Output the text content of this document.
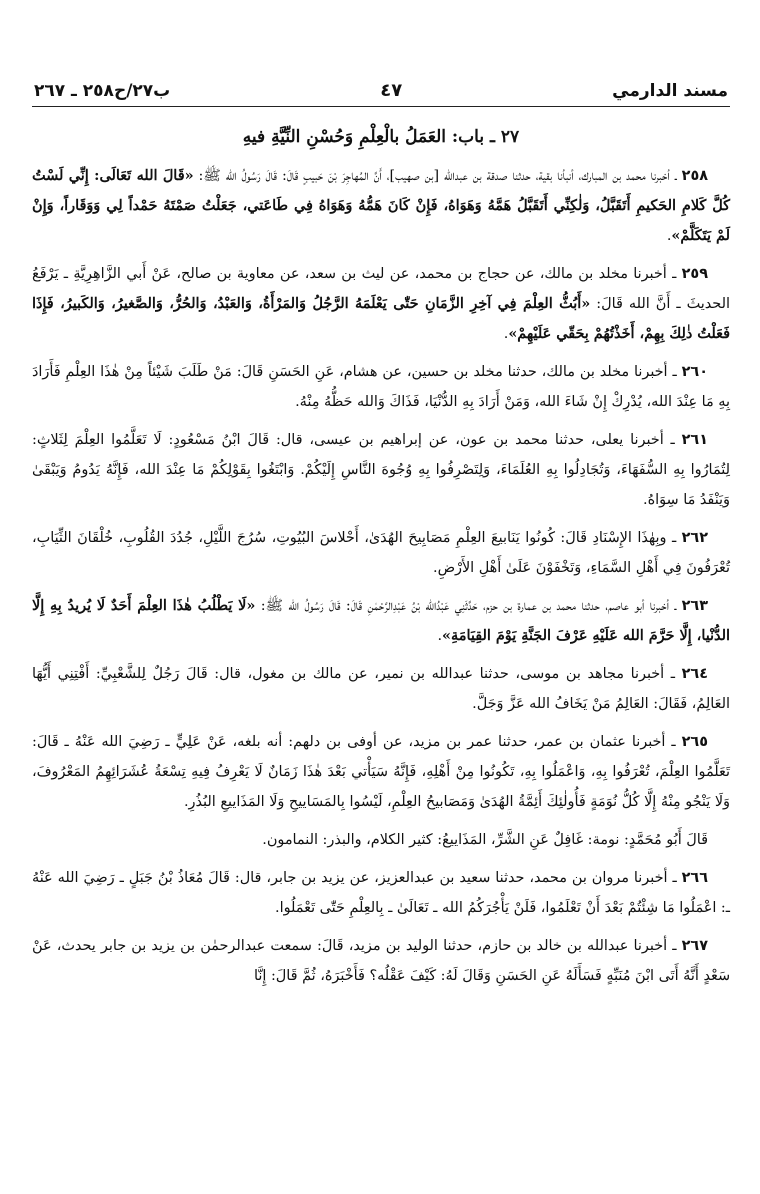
مسند الدارمي
٤٧
ب٢٧/ح٢٥٨ ـ ٢٦٧
٢٧ ـ باب: العَمَلُ بالْعِلْمِ وَحُسْنِ النِّيَّةِ فيهِ

٢٥٨ ـ أخبرنا محمد بن المبارك، أنبأنا بقية، حدثنا صدقة بن عبدالله [بن صهيب]، أَنَّ المُهاجِرَ بْنَ حَبيبٍ قَالَ: قَالَ رَسُولُ الله ﷺ: «قَالَ الله تَعَالَى: إِنِّي لَسْتُ كُلَّ كَلامِ الحَكيمِ أَتَقَبَّلُ، وَلٰكِنِّي أَتَقَبَّلُ هَمَّهُ وَهَوَاهُ، فَإِنْ كَانَ هَمُّهُ وَهَوَاهُ فِي طَاعَتي، جَعَلْتُ صَمْتَهُ حَمْداً لِي وَوَقَاراً، وَإِنْ لَمْ يَتَكَلَّمْ».

٢٥٩ ـ أخبرنا مخلد بن مالك، عن حجاج بن محمد، عن ليث بن سعد، عن معاوية بن صالح، عَنْ أَبي الزَّاهِرِيَّةِ ـ يَرْفَعُ الحديثَ ـ أَنَّ الله قَالَ: «أَبُثُّ العِلْمَ فِي آخِرِ الزَّمَانِ حَتّٰى يَعْلَمَهُ الرَّجُلُ وَالمَرْأَةُ، وَالعَبْدُ، وَالحُرُّ، وَالصَّغيرُ، وَالكَبيرُ، فَإِذَا فَعَلْتُ ذٰلِكَ بِهِمْ، أَخَذْتُهُمْ بِحَقّي عَلَيْهِمْ».

٢٦٠ ـ أخبرنا مخلد بن مالك، حدثنا مخلد بن حسين، عن هشام، عَنِ الحَسَنِ قَالَ: مَنْ طَلَبَ شَيْئاً مِنْ هٰذَا العِلْمِ فَأَرَادَ بِهِ مَا عِنْدَ الله، يُدْرِكْ إِنْ شَاءَ الله، وَمَنْ أَرَادَ بِهِ الدُّنْيَا، فَذَاكَ وَالله حَظُّهُ مِنْهُ.

٢٦١ ـ أخبرنا يعلى، حدثنا محمد بن عون، عن إبراهيم بن عيسى، قال: قَالَ ابْنُ مَسْعُودٍ: لَا تَعَلَّمُوا العِلْمَ لِثَلاثٍ: لِتُمَارُوا بِهِ السُّفَهَاءَ، وَتُجَادِلُوا بِهِ العُلَمَاءَ، وَلِتَصْرِفُوا بِهِ وُجُوهَ النَّاسِ إِلَيْكُمْ. وَابْتَغُوا بِقَوْلِكُمْ مَا عِنْدَ الله، فَإِنَّهُ يَدُومُ وَيَبْقَىٰ وَيَنْفَدُ مَا سِوَاهُ.

٢٦٢ ـ وبِهٰذَا الإِسْنَادِ قَالَ: كُونُوا يَنَابيعَ العِلْمِ مَصَابِيحَ الهُدَىٰ، أَحْلاسَ البُيُوتِ، سُرُجَ اللَّيْلِ، جُدُدَ القُلُوبِ، خُلْقَانَ الثِّيَابِ، تُعْرَفُونَ فِي أَهْلِ السَّمَاءِ، وَتَخْفَوْنَ عَلَىٰ أَهْلِ الأَرْضِ.

٢٦٣ ـ أخبرنا أبو عاصم، حدثنا محمد بن عمارة بن حزم، حَدَّثَنِي عَبْدُالله بْنُ عَبْدِالرَّحْمٰنِ قَالَ: قَالَ رَسُولُ الله ﷺ: «لَا يَطْلُبُ هٰذَا العِلْمَ أَحَدٌ لَا يُريدُ بِهِ إِلَّا الدُّنْيا، إِلَّا حَرَّمَ الله عَلَيْهِ عَرْفَ الجَنَّةِ يَوْمَ القِيَامَةِ».

٢٦٤ ـ أخبرنا مجاهد بن موسى، حدثنا عبدالله بن نمير، عن مالك بن مغول، قال: قَالَ رَجُلٌ لِلشَّعْبِيِّ: أَفْتِنِي أَيُّهَا العَالِمُ، فَقَالَ: العَالِمُ مَنْ يَخَافُ الله عَزَّ وَجَلَّ.

٢٦٥ ـ أخبرنا عثمان بن عمر، حدثنا عمر بن مزيد، عن أوفى بن دلهم: أنه بلغه، عَنْ عَلِيٍّ ـ رَضِيَ الله عَنْهُ ـ قَالَ: تَعَلَّمُوا العِلْمَ، تُعْرَفُوا بِهِ، وَاعْمَلُوا بِهِ، تَكُونُوا مِنْ أَهْلِهِ، فَإِنَّهُ سَيَأْتي بَعْدَ هٰذَا زَمَانٌ لَا يَعْرِفُ فِيهِ تِسْعَةُ عُشَرَائِهِمُ المَعْرُوفَ، وَلَا يَنْجُو مِنْهُ إِلَّا كُلُّ نُوَمَةٍ فَأُولٰئِكَ أَئِمَّةُ الهُدَىٰ وَمَصَابيحُ العِلْمِ، لَيْسُوا بِالمَسَاييحِ وَلَا المَذَاييعِ البُذُرِ.

قَالَ أَبُو مُحَمَّدٍ: نومة: غَافِلٌ عَنِ الشَّرِّ، المَذَاييعُ: كثير الكلام، والبذر: النمامون.

٢٦٦ ـ أخبرنا مروان بن محمد، حدثنا سعيد بن عبدالعزيز، عن يزيد بن جابر، قال: قَالَ مُعَاذُ بْنُ جَبَلٍ ـ رَضِيَ الله عَنْهُ ـ: اعْمَلُوا مَا شِئْتُمْ بَعْدَ أَنْ تَعْلَمُوا، فَلَنْ يَأْجُرَكُمُ الله ـ تَعَالَىٰ ـ بِالعِلْمِ حَتّٰى تَعْمَلُوا.

٢٦٧ ـ أخبرنا عبدالله بن خالد بن حازم، حدثنا الوليد بن مزيد، قَالَ: سمعت عبدالرحمٰن بن يزيد بن جابر يحدث، عَنْ سَعْدٍ أَنَّهُ أَتَى ابْنَ مُنَبِّهٍ فَسَأَلَهُ عَنِ الحَسَنِ وَقَالَ لَهُ: كَيْفَ عَقْلُه؟ فَأَخْبَرَهُ، ثُمَّ قَالَ: إِنَّا
